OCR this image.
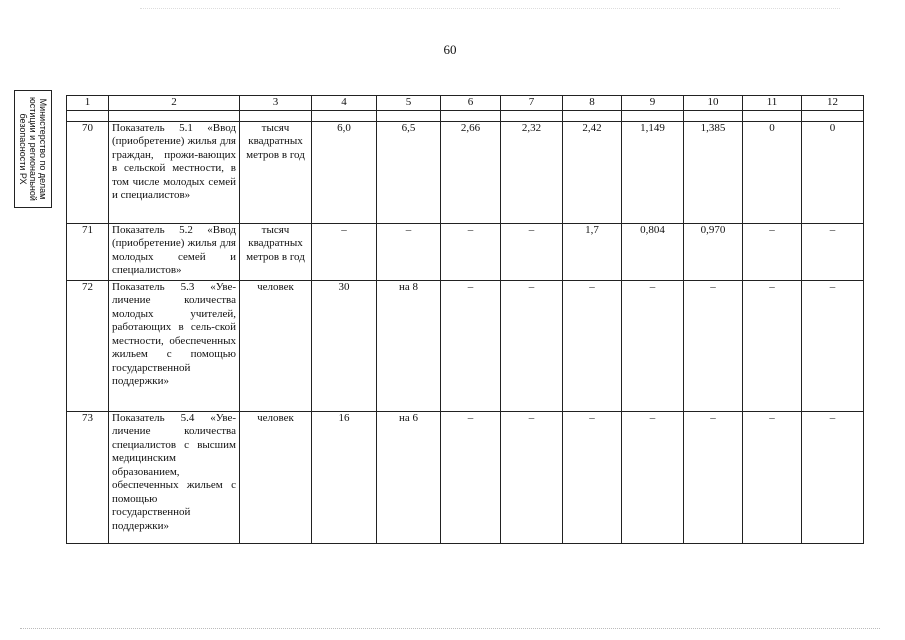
60
Министерство по делам
юстиции и региональной
безопасности РХ
1	2	3	4	5	6	7	8	9	10	11	12

70	Показатель 5.1 «Ввод (приобретение) жилья для граждан, прожи-вающих в сельской местности, в том числе молодых семей и специалистов»	тысяч квадратных метров в год	6,0	6,5	2,66	2,32	2,42	1,149	1,385	0	0
71	Показатель 5.2 «Ввод (приобретение) жилья для молодых семей и специалистов»	тысяч квадратных метров в год	–	–	–	–	1,7	0,804	0,970	–	–
72	Показатель 5.3 «Уве-личение количества молодых учителей, работающих в сель-ской местности, обеспеченных жильем с помощью государственной поддержки»	человек	30	на 8	–	–	–	–	–	–	–
73	Показатель 5.4 «Уве-личение количества специалистов с высшим медицинским образованием, обеспеченных жильем с помощью государственной поддержки»	человек	16	на 6	–	–	–	–	–	–	–
